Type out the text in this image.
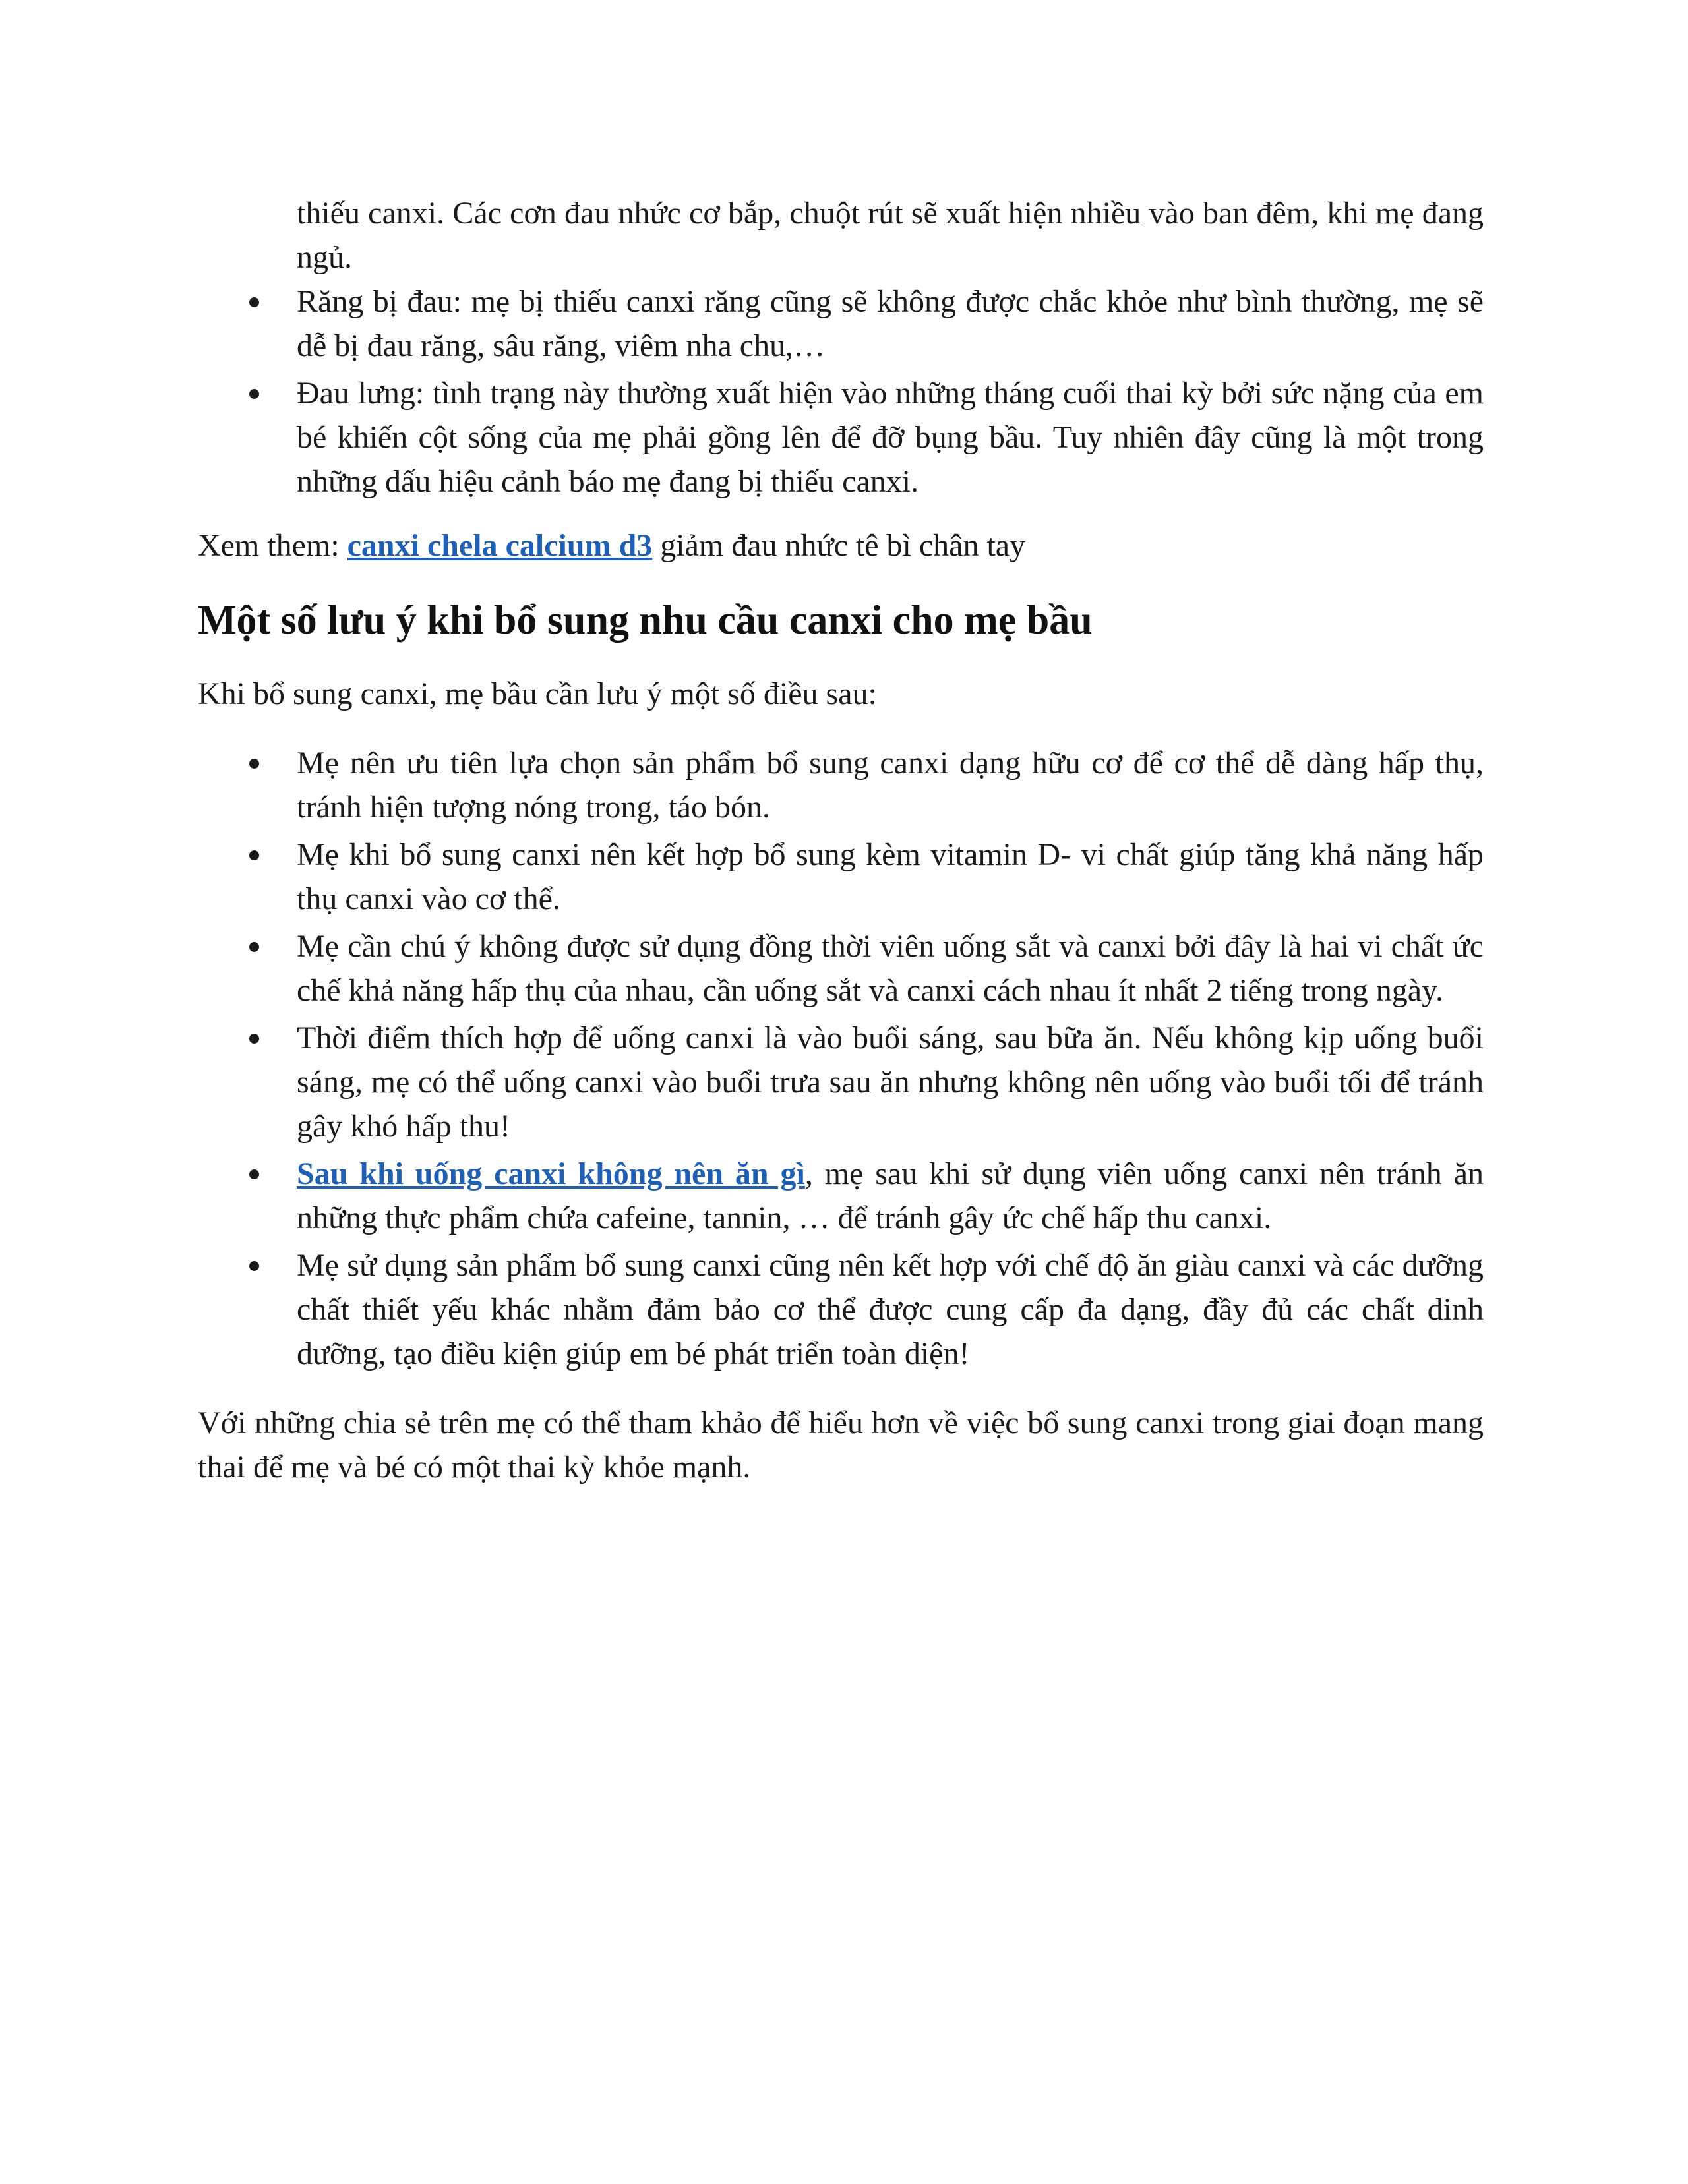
thiếu canxi. Các cơn đau nhức cơ bắp, chuột rút sẽ xuất hiện nhiều vào ban đêm, khi mẹ đang ngủ.
Răng bị đau: mẹ bị thiếu canxi răng cũng sẽ không được chắc khỏe như bình thường, mẹ sẽ dễ bị đau răng, sâu răng, viêm nha chu,…
Đau lưng: tình trạng này thường xuất hiện vào những tháng cuối thai kỳ bởi sức nặng của em bé khiến cột sống của mẹ phải gồng lên để đỡ bụng bầu. Tuy nhiên đây cũng là một trong những dấu hiệu cảnh báo mẹ đang bị thiếu canxi.

Xem them: canxi chela calcium d3 giảm đau nhức tê bì chân tay

Một số lưu ý khi bổ sung nhu cầu canxi cho mẹ bầu

Khi bổ sung canxi, mẹ bầu cần lưu ý một số điều sau:

Mẹ nên ưu tiên lựa chọn sản phẩm bổ sung canxi dạng hữu cơ để cơ thể dễ dàng hấp thụ, tránh hiện tượng nóng trong, táo bón.
Mẹ khi bổ sung canxi nên kết hợp bổ sung kèm vitamin D- vi chất giúp tăng khả năng hấp thụ canxi vào cơ thể.
Mẹ cần chú ý không được sử dụng đồng thời viên uống sắt và canxi bởi đây là hai vi chất ức chế khả năng hấp thụ của nhau, cần uống sắt và canxi cách nhau ít nhất 2 tiếng trong ngày.
Thời điểm thích hợp để uống canxi là vào buổi sáng, sau bữa ăn. Nếu không kịp uống buổi sáng, mẹ có thể uống canxi vào buổi trưa sau ăn nhưng không nên uống vào buổi tối để tránh gây khó hấp thu!
Sau khi uống canxi không nên ăn gì, mẹ sau khi sử dụng viên uống canxi nên tránh ăn những thực phẩm chứa cafeine, tannin, … để tránh gây ức chế hấp thu canxi.
Mẹ sử dụng sản phẩm bổ sung canxi cũng nên kết hợp với chế độ ăn giàu canxi và các dưỡng chất thiết yếu khác nhằm đảm bảo cơ thể được cung cấp đa dạng, đầy đủ các chất dinh dưỡng, tạo điều kiện giúp em bé phát triển toàn diện!

Với những chia sẻ trên mẹ có thể tham khảo để hiểu hơn về việc bổ sung canxi trong giai đoạn mang thai để mẹ và bé có một thai kỳ khỏe mạnh.
